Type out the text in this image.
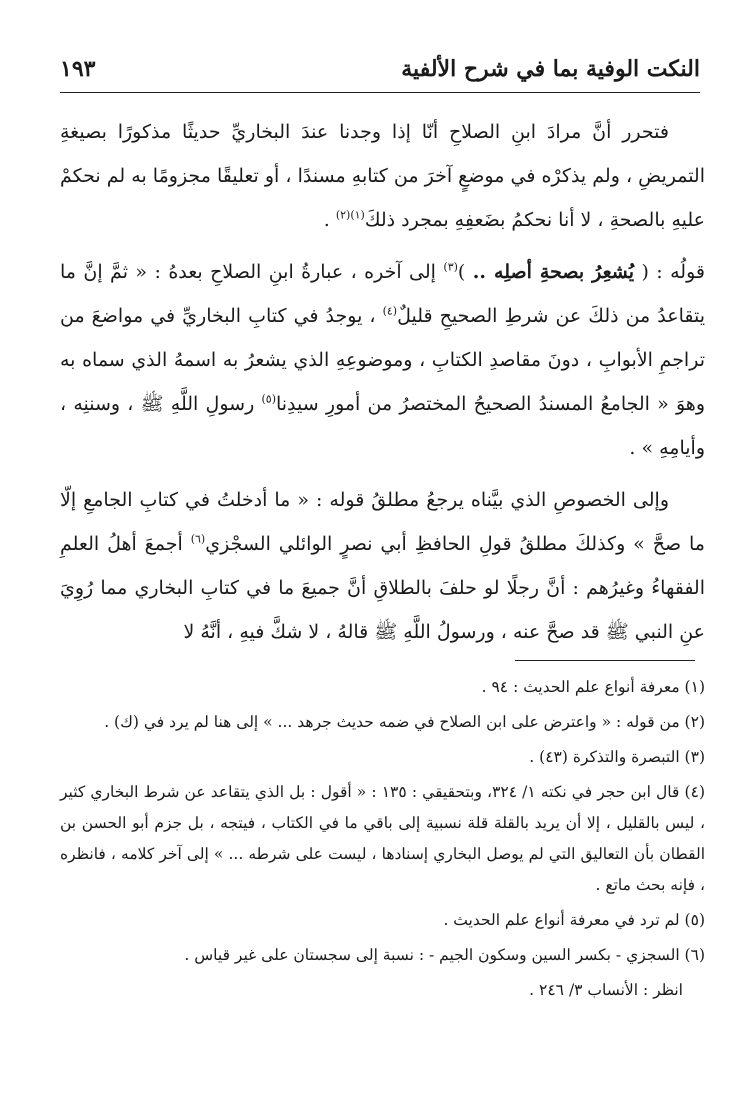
النكت الوفية بما في شرح الألفية
١٩٣

فتحرر أنَّ مرادَ ابنِ الصلاحِ أنّا إذا وجدنا عندَ البخاريِّ حديثًا مذكورًا بصيغةِ التمريضِ ، ولم يذكرْه في موضعٍ آخرَ من كتابهِ مسندًا ، أو تعليقًا مجزومًا به لم نحكمْ عليهِ بالصحةِ ، لا أنا نحكمُ بضَعفِهِ بمجرد ذلكَ$^{(١)(٢)}$ .

قولُه : ( يُشعِرُ بصحةِ أصلِه .. )$^{(٣)}$ إلى آخره ، عبارةُ ابنِ الصلاحِ بعدهُ : « ثمَّ إنَّ ما يتقاعدُ من ذلكَ عن شرطِ الصحيحِ قليلٌ$^{(٤)}$ ، يوجدُ في كتابِ البخاريِّ في مواضعَ من تراجمِ الأبوابِ ، دونَ مقاصدِ الكتابِ ، وموضوعِهِ الذي يشعرُ به اسمهُ الذي سماه به وهوَ « الجامعُ المسندُ الصحيحُ المختصرُ من أمورِ سيدِنا$^{(٥)}$ رسولِ اللَّهِ ﷺ ، وسننِه ، وأيامِهِ » .

وإلى الخصوصِ الذي بيَّناه يرجعُ مطلقُ قوله : « ما أدخلتُ في كتابِ الجامعِ إلّا ما صحَّ » وكذلكَ مطلقُ قولِ الحافظِ أبي نصرٍ الوائلي السجْزي$^{(٦)}$ أجمعَ أهلُ العلمِ الفقهاءُ وغيرُهم : أنَّ رجلًا لو حلفَ بالطلاقِ أنَّ جميعَ ما في كتابِ البخاري مما رُوِيَ عنِ النبي ﷺ قد صحَّ عنه ، ورسولُ اللَّهِ ﷺ قالهُ ، لا شكَّ فيهِ ، أنَّهُ لا

(١) معرفة أنواع علم الحديث : ٩٤ .
(٢) من قوله : « واعترض على ابن الصلاح في ضمه حديث جرهد ... » إلى هنا لم يرد في (ك) .
(٣) التبصرة والتذكرة (٤٣) .
(٤) قال ابن حجر في نكته ١/ ٣٢٤، وبتحقيقي : ١٣٥ : « أقول : بل الذي يتقاعد عن شرط البخاري كثير ، ليس بالقليل ، إلا أن يريد بالقلة قلة نسبية إلى باقي ما في الكتاب ، فيتجه ، بل جزم أبو الحسن بن القطان بأن التعاليق التي لم يوصل البخاري إسنادها ، ليست على شرطه ... » إلى آخر كلامه ، فانظره ، فإنه بحث ماتع .
(٥) لم ترد في معرفة أنواع علم الحديث .
(٦) السجزي - بكسر السين وسكون الجيم - : نسبة إلى سجستان على غير قياس .
انظر : الأنساب ٣/ ٢٤٦ .
